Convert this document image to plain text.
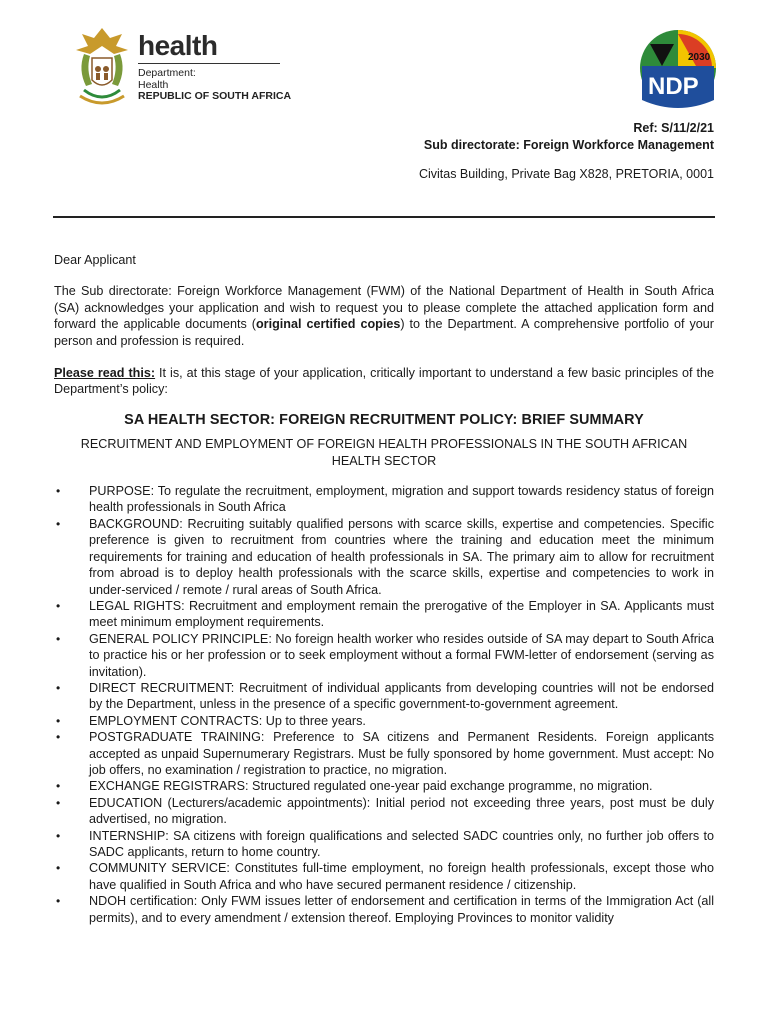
health
Department:
Health
REPUBLIC OF SOUTH AFRICA
2030
NDP
Ref: S/11/2/21
Sub directorate: Foreign Workforce Management
Civitas Building, Private Bag X828, PRETORIA, 0001

Dear Applicant

The Sub directorate: Foreign Workforce Management (FWM) of the National Department of Health in South Africa (SA) acknowledges your application and wish to request you to please complete the attached application form and forward the applicable documents (original certified copies) to the Department. A comprehensive portfolio of your person and profession is required.

Please read this: It is, at this stage of your application, critically important to understand a few basic principles of the Department’s policy:

SA HEALTH SECTOR: FOREIGN RECRUITMENT POLICY: BRIEF SUMMARY

RECRUITMENT AND EMPLOYMENT OF FOREIGN HEALTH PROFESSIONALS IN THE SOUTH AFRICAN HEALTH SECTOR

• PURPOSE: To regulate the recruitment, employment, migration and support towards residency status of foreign health professionals in South Africa
• BACKGROUND: Recruiting suitably qualified persons with scarce skills, expertise and competencies. Specific preference is given to recruitment from countries where the training and education meet the minimum requirements for training and education of health professionals in SA. The primary aim to allow for recruitment from abroad is to deploy health professionals with the scarce skills, expertise and competencies to work in under-serviced / remote / rural areas of South Africa.
• LEGAL RIGHTS: Recruitment and employment remain the prerogative of the Employer in SA. Applicants must meet minimum employment requirements.
• GENERAL POLICY PRINCIPLE: No foreign health worker who resides outside of SA may depart to South Africa to practice his or her profession or to seek employment without a formal FWM-letter of endorsement (serving as invitation).
• DIRECT RECRUITMENT: Recruitment of individual applicants from developing countries will not be endorsed by the Department, unless in the presence of a specific government-to-government agreement.
• EMPLOYMENT CONTRACTS: Up to three years.
• POSTGRADUATE TRAINING: Preference to SA citizens and Permanent Residents. Foreign applicants accepted as unpaid Supernumerary Registrars. Must be fully sponsored by home government. Must accept: No job offers, no examination / registration to practice, no migration.
• EXCHANGE REGISTRARS: Structured regulated one-year paid exchange programme, no migration.
• EDUCATION (Lecturers/academic appointments): Initial period not exceeding three years, post must be duly advertised, no migration.
• INTERNSHIP: SA citizens with foreign qualifications and selected SADC countries only, no further job offers to SADC applicants, return to home country.
• COMMUNITY SERVICE: Constitutes full-time employment, no foreign health professionals, except those who have qualified in South Africa and who have secured permanent residence / citizenship.
• NDOH certification: Only FWM issues letter of endorsement and certification in terms of the Immigration Act (all permits), and to every amendment / extension thereof. Employing Provinces to monitor validity
